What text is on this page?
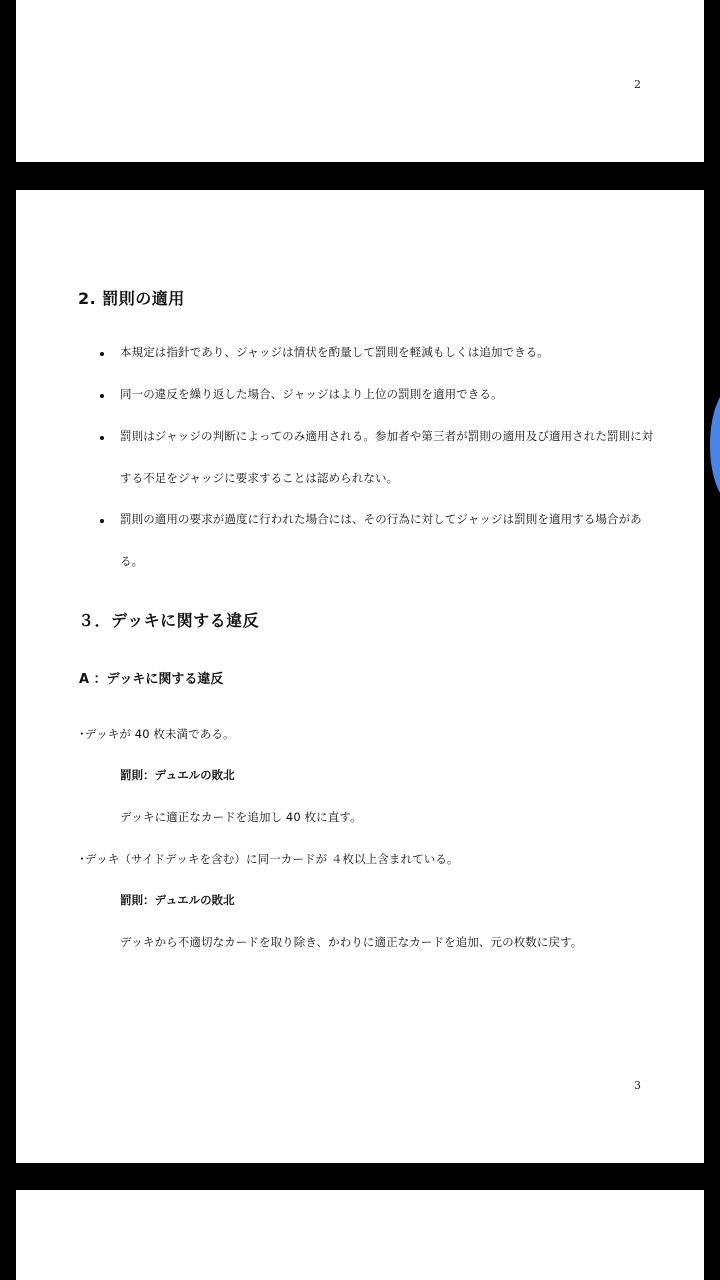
2
2. 罰則の適用
本規定は指針であり、ジャッジは情状を酌量して罰則を軽減もしくは追加できる。
同一の違反を繰り返した場合、ジャッジはより上位の罰則を適用できる。
罰則はジャッジの判断によってのみ適用される。参加者や第三者が罰則の適用及び適用された罰則に対
する不足をジャッジに要求することは認められない。
罰則の適用の要求が過度に行われた場合には、その行為に対してジャッジは罰則を適用する場合があ
る。
３．デッキに関する違反
A ：デッキに関する違反
･デッキが 40 枚未満である。
罰則：デュエルの敗北
デッキに適正なカードを追加し 40 枚に直す。
･デッキ（サイドデッキを含む）に同一カードが ４枚以上含まれている。
罰則：デュエルの敗北
デッキから不適切なカードを取り除き、かわりに適正なカードを追加、元の枚数に戻す。
3
